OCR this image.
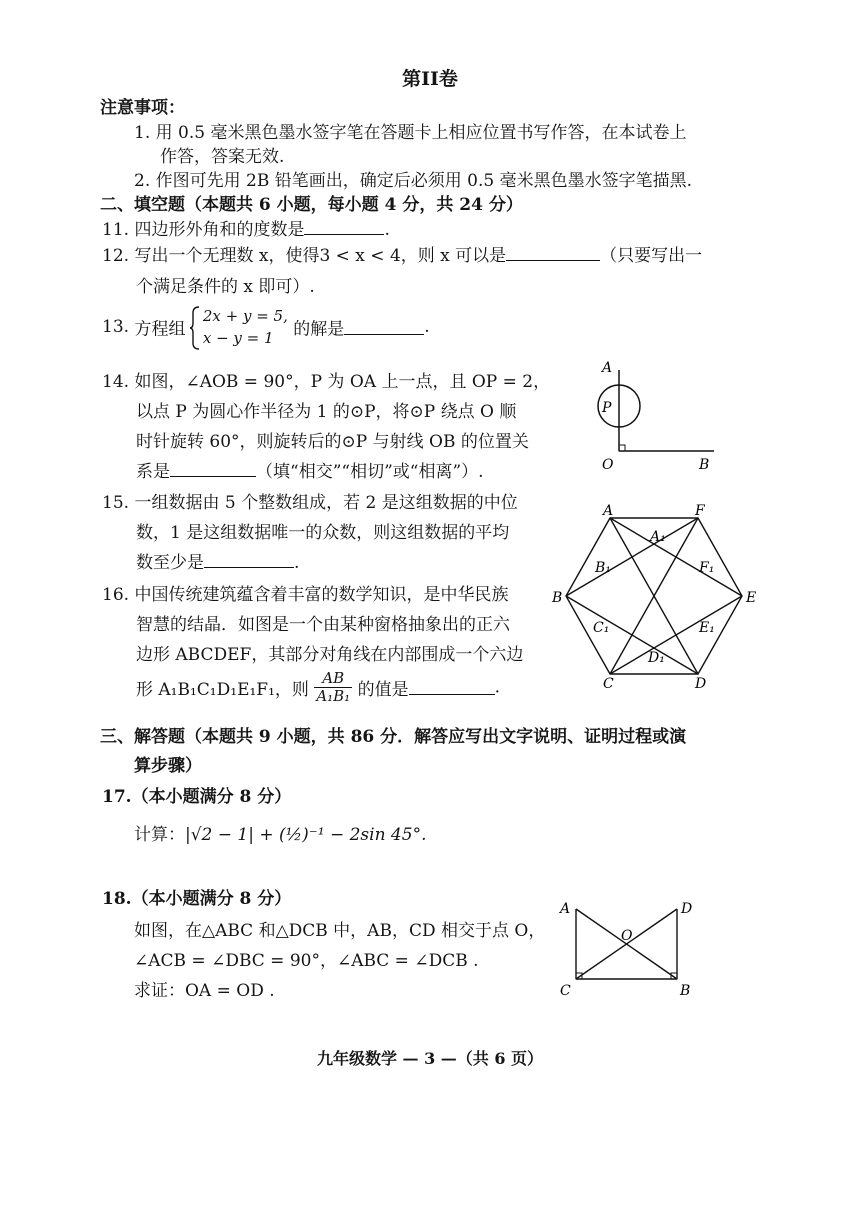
第II卷
注意事项：
1. 用 0.5 毫米黑色墨水签字笔在答题卡上相应位置书写作答，在本试卷上
作答，答案无效.
2. 作图可先用 2B 铅笔画出，确定后必须用 0.5 毫米黑色墨水签字笔描黑.
二、填空题（本题共 6 小题，每小题 4 分，共 24 分）
11. 四边形外角和的度数是	.
12. 写出一个无理数 x，使得3 < x < 4，则 x 可以是	（只要写出一
个满足条件的 x 即可）.
13. 方程组
2x + y = 5,
x − y = 1	的解是	.
14. 如图，∠AOB = 90°，P 为 OA 上一点，且 OP = 2，
以点 P 为圆心作半径为 1 的⊙P，将⊙P 绕点 O 顺
时针旋转 60°，则旋转后的⊙P 与射线 OB 的位置关
系是	（填“相交”“相切”或“相离”）.
A
P
O	B
15. 一组数据由 5 个整数组成，若 2 是这组数据的中位
数，1 是这组数据唯一的众数，则这组数据的平均
数至少是	.
16. 中国传统建筑蕴含着丰富的数学知识，是中华民族
智慧的结晶．如图是一个由某种窗格抽象出的正六
边形 ABCDEF，其部分对角线在内部围成一个六边
形 A₁B₁C₁D₁E₁F₁，则 $\frac{AB}{\text{A₁B₁}}$ 的值是	.
A	F
B	E
C	D
A₁
B₁
C₁
D₁
E₁
F₁
三、解答题（本题共 9 小题，共 86 分．解答应写出文字说明、证明过程或演
算步骤）
17.（本小题满分 8 分）
计算：|√2 − 1| + (½)⁻¹ − 2sin 45°.
18.（本小题满分 8 分）
如图，在△ABC 和△DCB 中，AB，CD 相交于点 O，
∠ACB = ∠DBC = 90°，∠ABC = ∠DCB .
求证：OA = OD .
A	D
O
C	B
九年级数学 — 3 —（共 6 页）
